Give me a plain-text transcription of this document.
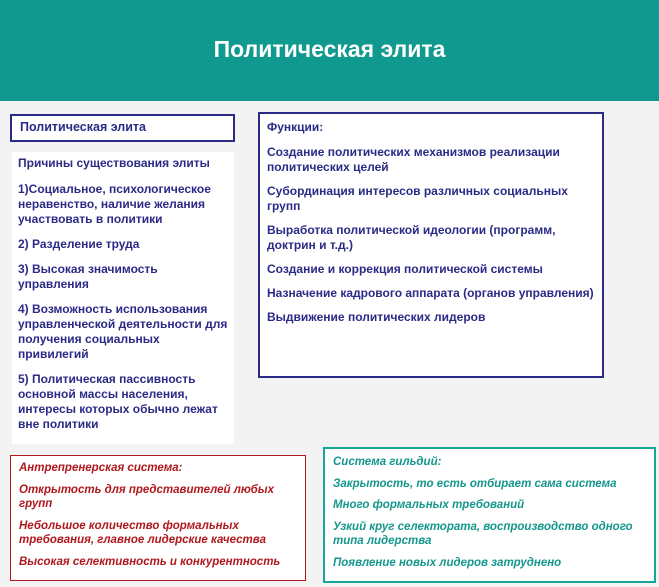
Политическая элита
Политическая элита

Причины существования элиты

1)Социальное, психологическое неравенство, наличие желания участвовать в политики

2) Разделение труда

3) Высокая значимость управления

4) Возможность использования управленческой деятельности для получения социальных привилегий

5) Политическая пассивность основной массы населения, интересы которых обычно лежат вне политики

Функции:

Создание политических механизмов реализации политических целей

Субординация интересов различных социальных групп

Выработка политической идеологии (программ, доктрин и т.д.)

Создание и коррекция политической системы

Назначение кадрового аппарата (органов управления)

Выдвижение политических лидеров

Антрепренерская система:

Открытость для представителей любых групп

Небольшое количество формальных требования, главное лидерские качества

Высокая селективность и конкурентность

Система гильдий:

Закрытость, то есть отбирает сама система

Много формальных требований

Узкий круг селектората, воспроизводство одного типа лидерства

Появление новых лидеров затруднено
